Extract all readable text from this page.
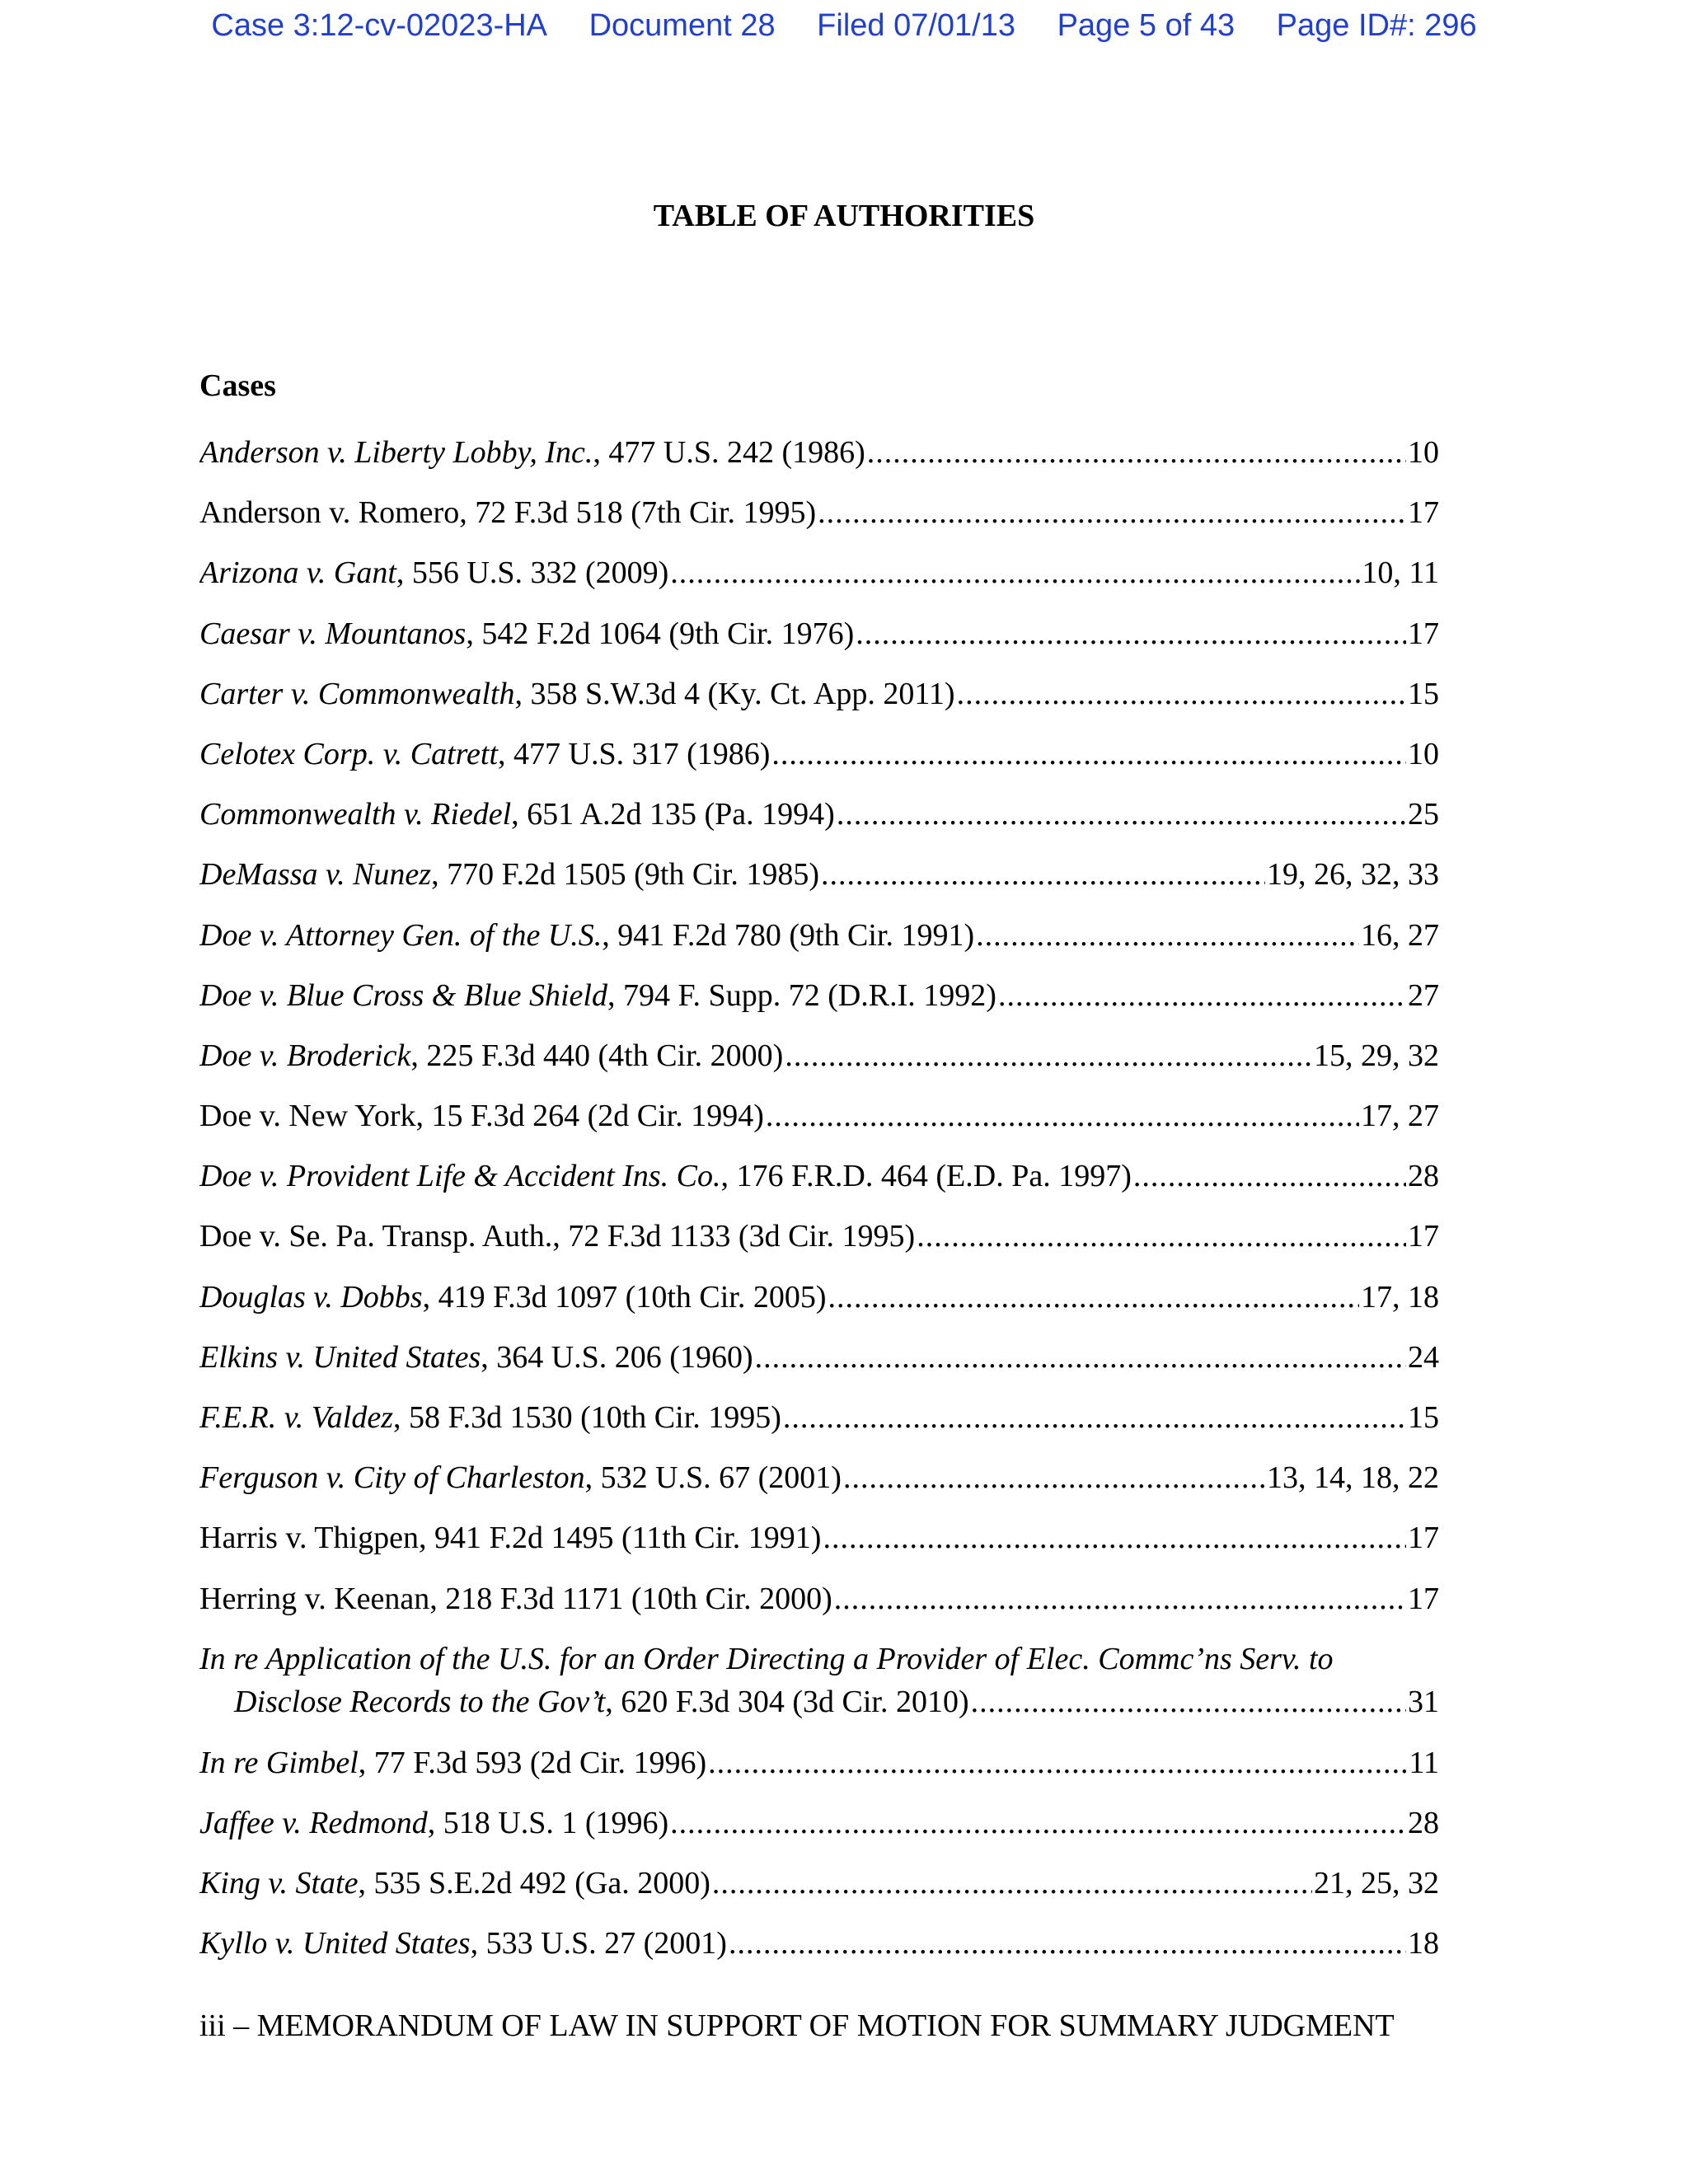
Case 3:12-cv-02023-HA Document 28 Filed 07/01/13 Page 5 of 43 Page ID#: 296
TABLE OF AUTHORITIES
Cases
Anderson v. Liberty Lobby, Inc. , 477 U.S. 242 (1986) .....	10
Anderson v. Romero , 72 F.3d 518 (7th Cir. 1995) .....	17
Arizona v. Gant , 556 U.S. 332 (2009) .....	10, 11
Caesar v. Mountanos , 542 F.2d 1064 (9th Cir. 1976) .....	17
Carter v. Commonwealth , 358 S.W.3d 4 (Ky. Ct. App. 2011) .....	15
Celotex Corp. v. Catrett , 477 U.S. 317 (1986) .....	10
Commonwealth v. Riedel , 651 A.2d 135 (Pa. 1994) .....	25
DeMassa v. Nunez , 770 F.2d 1505 (9th Cir. 1985) .....	19, 26, 32, 33
Doe v. Attorney Gen. of the U.S. , 941 F.2d 780 (9th Cir. 1991) .....	16, 27
Doe v. Blue Cross & Blue Shield , 794 F. Supp. 72 (D.R.I. 1992) .....	27
Doe v. Broderick , 225 F.3d 440 (4th Cir. 2000) .....	15, 29, 32
Doe v. New York , 15 F.3d 264 (2d Cir. 1994) .....	17, 27
Doe v. Provident Life & Accident Ins. Co. , 176 F.R.D. 464 (E.D. Pa. 1997) .....	28
Doe v. Se. Pa. Transp. Auth. , 72 F.3d 1133 (3d Cir. 1995) .....	17
Douglas v. Dobbs , 419 F.3d 1097 (10th Cir. 2005) .....	17, 18
Elkins v. United States , 364 U.S. 206 (1960) .....	24
F.E.R. v. Valdez , 58 F.3d 1530 (10th Cir. 1995) .....	15
Ferguson v. City of Charleston , 532 U.S. 67 (2001) .....	13, 14, 18, 22
Harris v. Thigpen , 941 F.2d 1495 (11th Cir. 1991) .....	17
Herring v. Keenan , 218 F.3d 1171 (10th Cir. 2000) .....	17
In re Application of the U.S. for an Order Directing a Provider of Elec. Commc’ns Serv. to
Disclose Records to the Gov’t , 620 F.3d 304 (3d Cir. 2010) .....	31
In re Gimbel , 77 F.3d 593 (2d Cir. 1996) .....	11
Jaffee v. Redmond , 518 U.S. 1 (1996) .....	28
King v. State , 535 S.E.2d 492 (Ga. 2000) .....	21, 25, 32
Kyllo v. United States , 533 U.S. 27 (2001) .....	18
iii – MEMORANDUM OF LAW IN SUPPORT OF MOTION FOR SUMMARY JUDGMENT
